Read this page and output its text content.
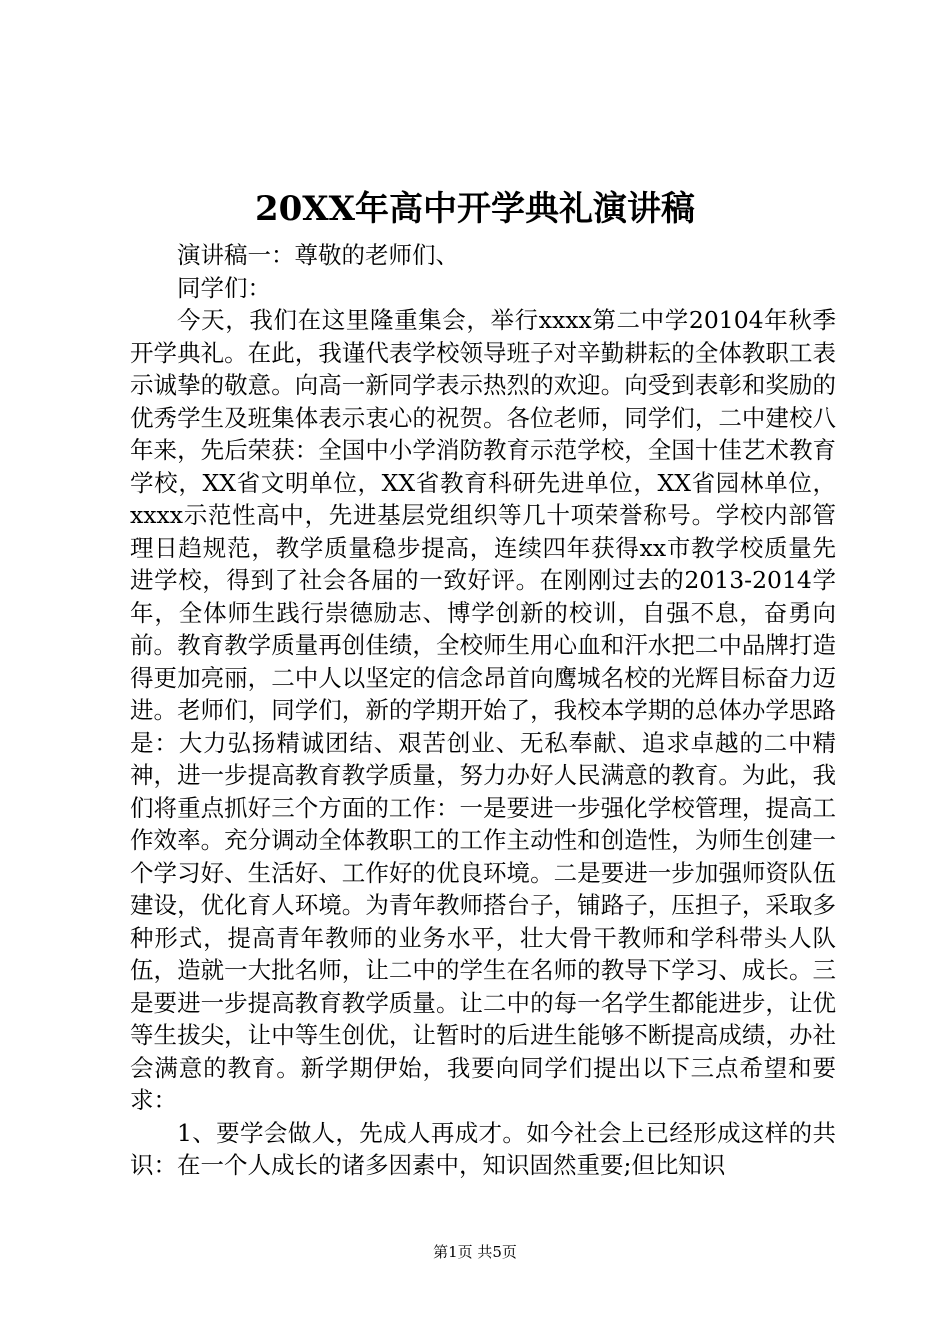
20XX年高中开学典礼演讲稿

演讲稿一：尊敬的老师们、

同学们：

今天，我们在这里隆重集会，举行xxxx第二中学20104年秋季开学典礼。在此，我谨代表学校领导班子对辛勤耕耘的全体教职工表示诚挚的敬意。向高一新同学表示热烈的欢迎。向受到表彰和奖励的优秀学生及班集体表示衷心的祝贺。各位老师，同学们，二中建校八年来，先后荣获：全国中小学消防教育示范学校，全国十佳艺术教育学校，XX省文明单位，XX省教育科研先进单位，XX省园林单位，xxxx示范性高中，先进基层党组织等几十项荣誉称号。学校内部管理日趋规范，教学质量稳步提高，连续四年获得xx市教学校质量先进学校，得到了社会各届的一致好评。在刚刚过去的2013-2014学年，全体师生践行崇德励志、博学创新的校训，自强不息，奋勇向前。教育教学质量再创佳绩，全校师生用心血和汗水把二中品牌打造得更加亮丽，二中人以坚定的信念昂首向鹰城名校的光辉目标奋力迈进。老师们，同学们，新的学期开始了，我校本学期的总体办学思路是：大力弘扬精诚团结、艰苦创业、无私奉献、追求卓越的二中精神，进一步提高教育教学质量，努力办好人民满意的教育。为此，我们将重点抓好三个方面的工作：一是要进一步强化学校管理，提高工作效率。充分调动全体教职工的工作主动性和创造性，为师生创建一个学习好、生活好、工作好的优良环境。二是要进一步加强师资队伍建设，优化育人环境。为青年教师搭台子，铺路子，压担子，采取多种形式，提高青年教师的业务水平，壮大骨干教师和学科带头人队伍，造就一大批名师，让二中的学生在名师的教导下学习、成长。三是要进一步提高教育教学质量。让二中的每一名学生都能进步，让优等生拔尖，让中等生创优，让暂时的后进生能够不断提高成绩，办社会满意的教育。新学期伊始，我要向同学们提出以下三点希望和要求：

1、要学会做人，先成人再成才。如今社会上已经形成这样的共识：在一个人成长的诸多因素中，知识固然重要;但比知识

第1页 共5页
